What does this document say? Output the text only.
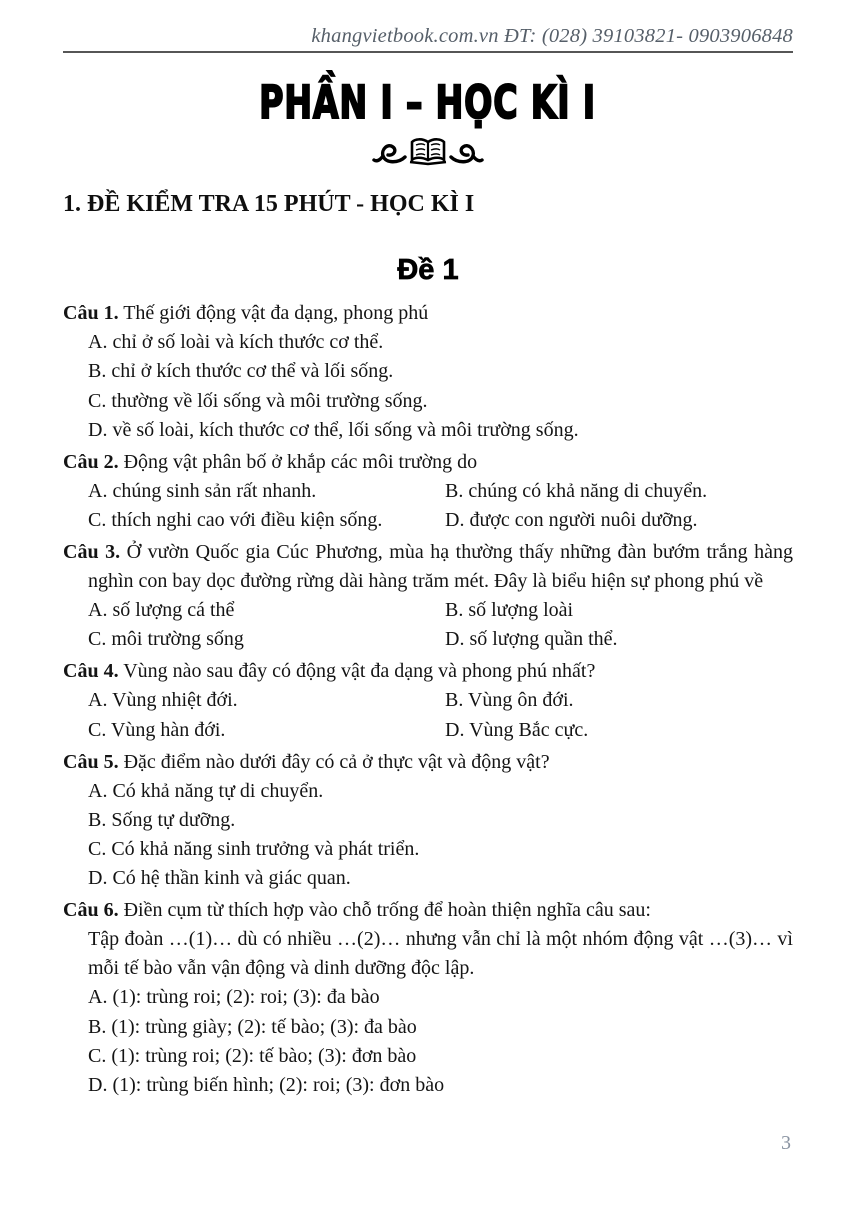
khangvietbook.com.vn ĐT: (028) 39103821- 0903906848
PHẦN I – HỌC KÌ I
1. ĐỀ KIỂM TRA 15 PHÚT - HỌC KÌ I
Đề 1

Câu 1. Thế giới động vật đa dạng, phong phú

A. chỉ ở số loài và kích thước cơ thể.
B. chỉ ở kích thước cơ thể và lối sống.
C. thường về lối sống và môi trường sống.
D. về số loài, kích thước cơ thể, lối sống và môi trường sống.

Câu 2. Động vật phân bố ở khắp các môi trường do

A. chúng sinh sản rất nhanh.	B. chúng có khả năng di chuyển.
C. thích nghi cao với điều kiện sống.	D. được con người nuôi dưỡng.

Câu 3. Ở vườn Quốc gia Cúc Phương, mùa hạ thường thấy những đàn bướm trắng hàng nghìn con bay dọc đường rừng dài hàng trăm mét. Đây là biểu hiện sự phong phú về

A. số lượng cá thể	B. số lượng loài
C. môi trường sống	D. số lượng quần thể.

Câu 4. Vùng nào sau đây có động vật đa dạng và phong phú nhất?

A. Vùng nhiệt đới.	B. Vùng ôn đới.
C. Vùng hàn đới.	D. Vùng Bắc cực.

Câu 5. Đặc điểm nào dưới đây có cả ở thực vật và động vật?

A. Có khả năng tự di chuyển.
B. Sống tự dưỡng.
C. Có khả năng sinh trưởng và phát triển.
D. Có hệ thần kinh và giác quan.

Câu 6. Điền cụm từ thích hợp vào chỗ trống để hoàn thiện nghĩa câu sau:

Tập đoàn …(1)… dù có nhiều …(2)… nhưng vẫn chỉ là một nhóm động vật …(3)… vì mỗi tế bào vẫn vận động và dinh dưỡng độc lập.

A. (1): trùng roi; (2): roi; (3): đa bào
B. (1): trùng giày; (2): tế bào; (3): đa bào
C. (1): trùng roi; (2): tế bào; (3): đơn bào
D. (1): trùng biến hình; (2): roi; (3): đơn bào
3
